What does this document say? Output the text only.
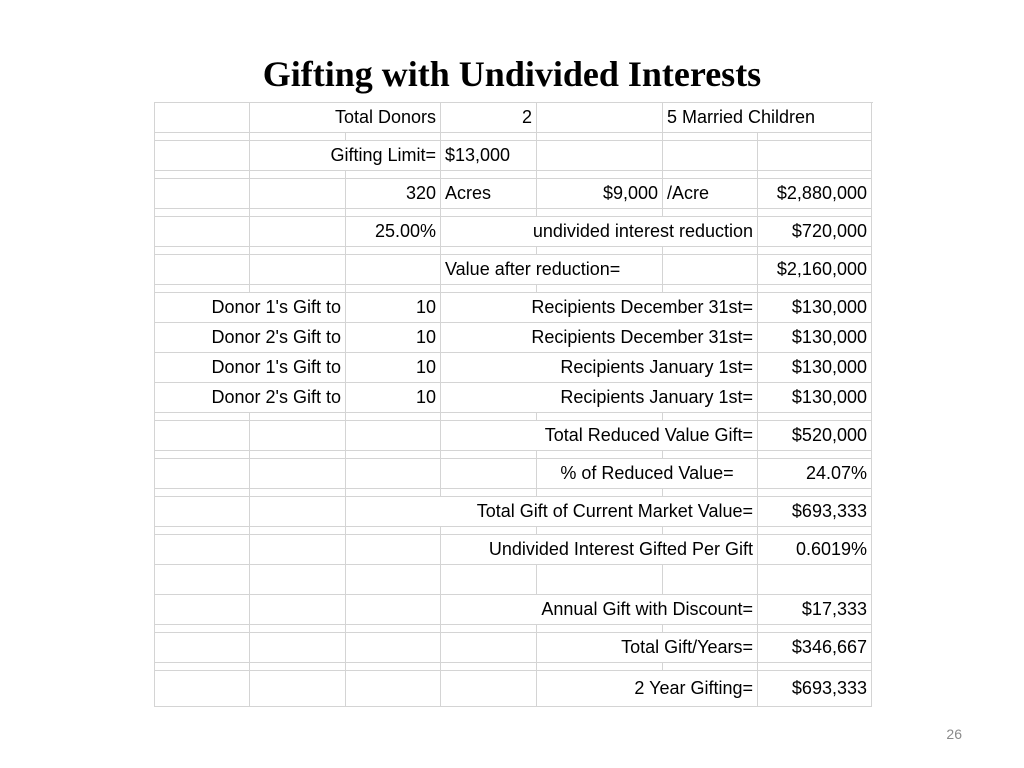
Gifting with Undivided Interests
Total Donors	2	5 Married Children
Gifting Limit= $13,000
320 Acres	$9,000 /Acre	$2,880,000
25.00%	undivided interest reduction	$720,000
Value after reduction=	$2,160,000
Donor 1's Gift to	10	Recipients December 31st=	$130,000
Donor 2's Gift to	10	Recipients December 31st=	$130,000
Donor 1's Gift to	10	Recipients January 1st=	$130,000
Donor 2's Gift to	10	Recipients January 1st=	$130,000
Total Reduced Value Gift=	$520,000
% of Reduced Value=	24.07%
Total Gift of Current Market Value=	$693,333
Undivided Interest Gifted Per Gift	0.6019%
Annual Gift with Discount=	$17,333
Total Gift/Years=	$346,667
2 Year Gifting=	$693,333
26
